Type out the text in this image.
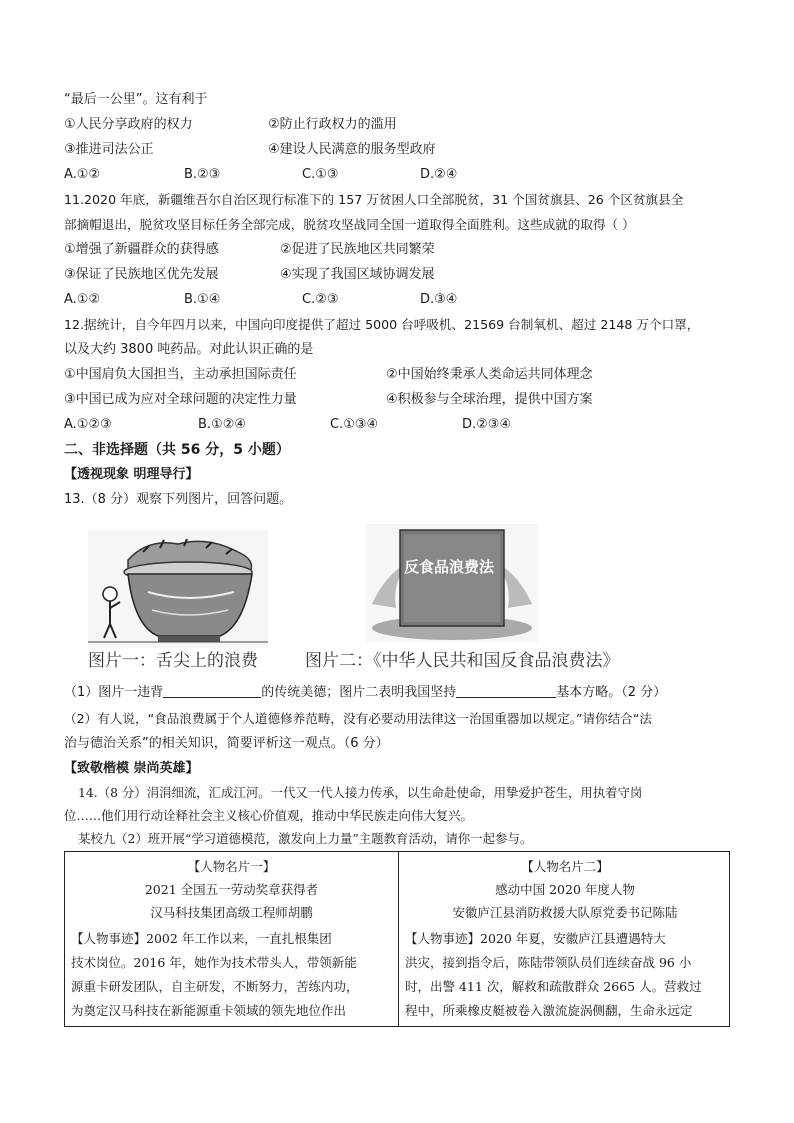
“最后一公里”。这有利于
①人民分享政府的权力	②防止行政权力的滥用
③推进司法公正	④建设人民满意的服务型政府
A.①②	B.②③	C.①③	D.②④
11.2020 年底，新疆维吾尔自治区现行标准下的 157 万贫困人口全部脱贫，31 个国贫旗县、26 个区贫旗县全
部摘帽退出，脱贫攻坚目标任务全部完成，脱贫攻坚战同全国一道取得全面胜利。这些成就的取得（ ）
①增强了新疆群众的获得感	②促进了民族地区共同繁荣
③保证了民族地区优先发展	④实现了我国区域协调发展
A.①②	B.①④	C.②③	D.③④
12.据统计，自今年四月以来，中国向印度提供了超过 5000 台呼吸机、21569 台制氧机、超过 2148 万个口罩，
以及大约 3800 吨药品。对此认识正确的是
①中国肩负大国担当，主动承担国际责任	②中国始终秉承人类命运共同体理念
③中国已成为应对全球问题的决定性力量	④积极参与全球治理，提供中国方案
A.①②③	B.①②④	C.①③④	D.②③④
二、非选择题（共 56 分，5 小题）
【透视现象 明理导行】
13.（8 分）观察下列图片，回答问题。
反食品浪费法
图片一：舌尖上的浪费	图片二：《中华人民共和国反食品浪费法》
（1）图片一违背	的传统美德；图片二表明我国坚持	基本方略。（2 分）
（2）有人说，“食品浪费属于个人道德修养范畴，没有必要动用法律这一治国重器加以规定。”请你结合“法
治与德治关系”的相关知识，简要评析这一观点。（6 分）
【致敬楷模 崇尚英雄】
14.（8 分）涓涓细流，汇成江河。一代又一代人接力传承，以生命赴使命，用挚爱护苍生，用执着守岗
位……他们用行动诠释社会主义核心价值观，推动中华民族走向伟大复兴。
某校九（2）班开展“学习道德模范，激发向上力量”主题教育活动，请你一起参与。
【人物名片一】
2021 全国五一劳动奖章获得者
汉马科技集团高级工程师胡鹏
【人物事迹】2002 年工作以来，一直扎根集团
技术岗位。2016 年，她作为技术带头人，带领新能
源重卡研发团队，自主研发，不断努力，苦练内功，
为奠定汉马科技在新能源重卡领域的领先地位作出
【人物名片二】
感动中国 2020 年度人物
安徽庐江县消防救援大队原党委书记陈陆
【人物事迹】2020 年夏，安徽庐江县遭遇特大
洪灾，接到指令后，陈陆带领队员们连续奋战 96 小
时，出警 411 次，解救和疏散群众 2665 人。营救过
程中，所乘橡皮艇被卷入激流旋涡侧翻，生命永远定
